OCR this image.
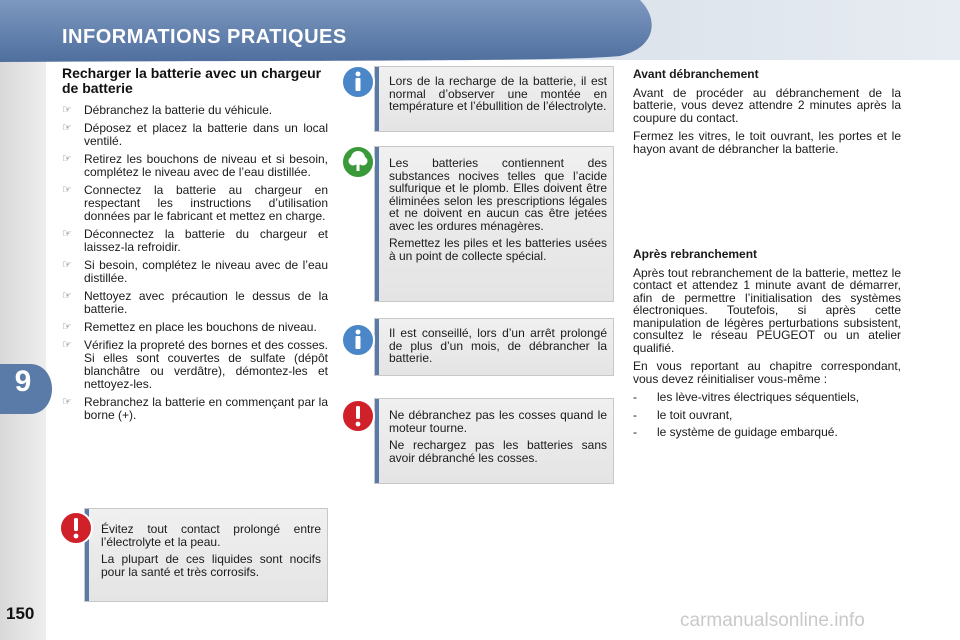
INFORMATIONS PRATIQUES
9
150
Recharger la batterie avec un chargeur de batterie
☞ Débranchez la batterie du véhicule.
☞ Déposez et placez la batterie dans un local ventilé.
☞ Retirez les bouchons de niveau et si besoin, complétez le niveau avec de l’eau distillée.
☞ Connectez la batterie au chargeur en respectant les instructions d’utilisation données par le fabricant et mettez en charge.
☞ Déconnectez la batterie du chargeur et laissez-la refroidir.
☞ Si besoin, complétez le niveau avec de l’eau distillée.
☞ Nettoyez avec précaution le dessus de la batterie.
☞ Remettez en place les bouchons de niveau.
☞ Vérifiez la propreté des bornes et des cosses. Si elles sont couvertes de sulfate (dépôt blanchâtre ou verdâtre), démontez-les et nettoyez-les.
☞ Rebranchez la batterie en commençant par la borne (+).

Évitez tout contact prolongé entre l’électrolyte et la peau.

La plupart de ces liquides sont nocifs pour la santé et très corrosifs.

Lors de la recharge de la batterie, il est normal d’observer une montée en température et l’ébullition de l’électrolyte.

Les batteries contiennent des substances nocives telles que l’acide sulfurique et le plomb. Elles doivent être éliminées selon les prescriptions légales et ne doivent en aucun cas être jetées avec les ordures ménagères.

Remettez les piles et les batteries usées à un point de collecte spécial.

Il est conseillé, lors d’un arrêt prolongé de plus d’un mois, de débrancher la batterie.

Ne débranchez pas les cosses quand le moteur tourne.

Ne rechargez pas les batteries sans avoir débranché les cosses.

Avant débranchement

Avant de procéder au débranchement de la batterie, vous devez attendre 2 minutes après la coupure du contact.

Fermez les vitres, le toit ouvrant, les portes et le hayon avant de débrancher la batterie.

Après rebranchement

Après tout rebranchement de la batterie, mettez le contact et attendez 1 minute avant de démarrer, afin de permettre l’initialisation des systèmes électroniques. Toutefois, si après cette manipulation de légères perturbations subsistent, consultez le réseau PEUGEOT ou un atelier qualifié.

En vous reportant au chapitre correspondant, vous devez réinitialiser vous-même :

- les lève-vitres électriques séquentiels,
- le toit ouvrant,
- le système de guidage embarqué.
carmanualsonline.info
